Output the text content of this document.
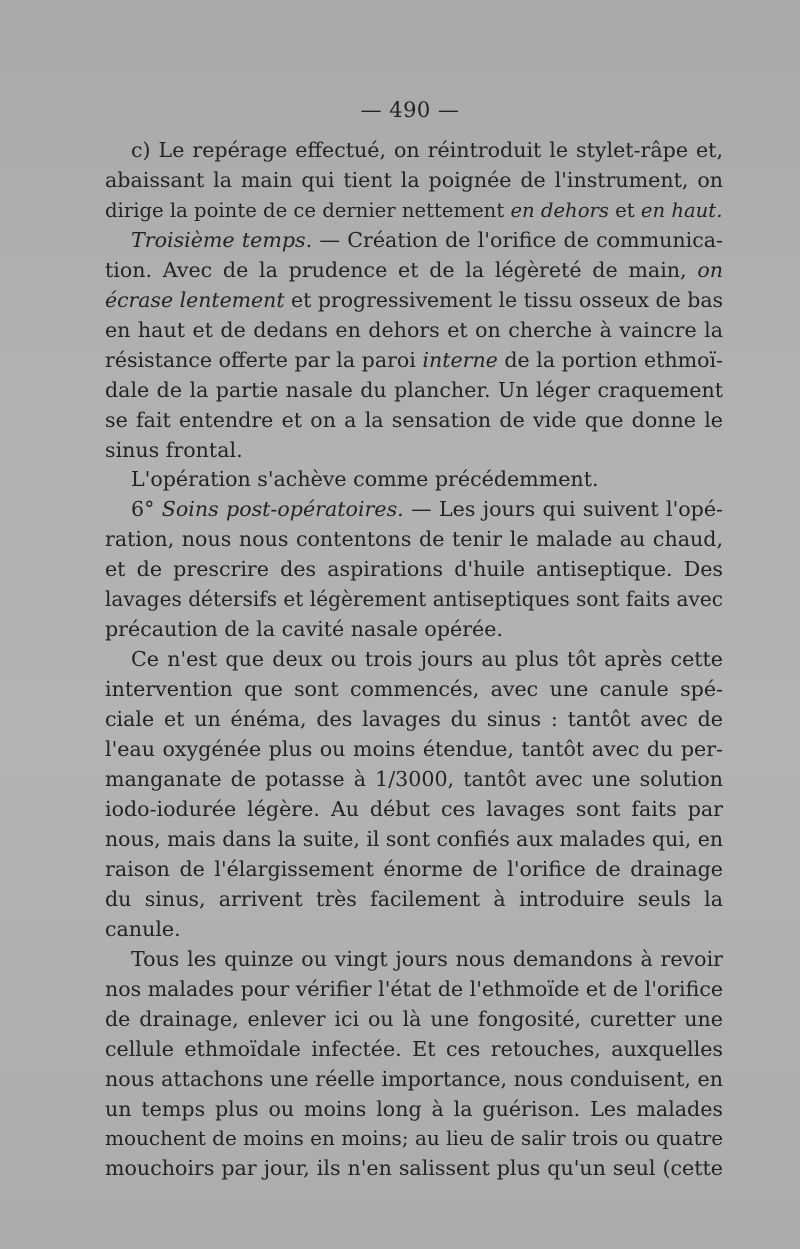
— 490 —
c) Le repérage effectué, on réintroduit le stylet-râpe et,
abaissant la main qui tient la poignée de l'instrument, on
dirige la pointe de ce dernier nettement en dehors et en haut.
Troisième temps. — Création de l'orifice de communica-
tion. Avec de la prudence et de la légèreté de main, on
écrase lentement et progressivement le tissu osseux de bas
en haut et de dedans en dehors et on cherche à vaincre la
résistance offerte par la paroi interne de la portion ethmoï-
dale de la partie nasale du plancher. Un léger craquement
se fait entendre et on a la sensation de vide que donne le
sinus frontal.
L'opération s'achève comme précédemment.
6° Soins post-opératoires. — Les jours qui suivent l'opé-
ration, nous nous contentons de tenir le malade au chaud,
et de prescrire des aspirations d'huile antiseptique. Des
lavages détersifs et légèrement antiseptiques sont faits avec
précaution de la cavité nasale opérée.
Ce n'est que deux ou trois jours au plus tôt après cette
intervention que sont commencés, avec une canule spé-
ciale et un énéma, des lavages du sinus : tantôt avec de
l'eau oxygénée plus ou moins étendue, tantôt avec du per-
manganate de potasse à 1/3000, tantôt avec une solution
iodo-iodurée légère. Au début ces lavages sont faits par
nous, mais dans la suite, il sont confiés aux malades qui, en
raison de l'élargissement énorme de l'orifice de drainage
du sinus, arrivent très facilement à introduire seuls la
canule.
Tous les quinze ou vingt jours nous demandons à revoir
nos malades pour vérifier l'état de l'ethmoïde et de l'orifice
de drainage, enlever ici ou là une fongosité, curetter une
cellule ethmoïdale infectée. Et ces retouches, auxquelles
nous attachons une réelle importance, nous conduisent, en
un temps plus ou moins long à la guérison. Les malades
mouchent de moins en moins; au lieu de salir trois ou quatre
mouchoirs par jour, ils n'en salissent plus qu'un seul (cette
